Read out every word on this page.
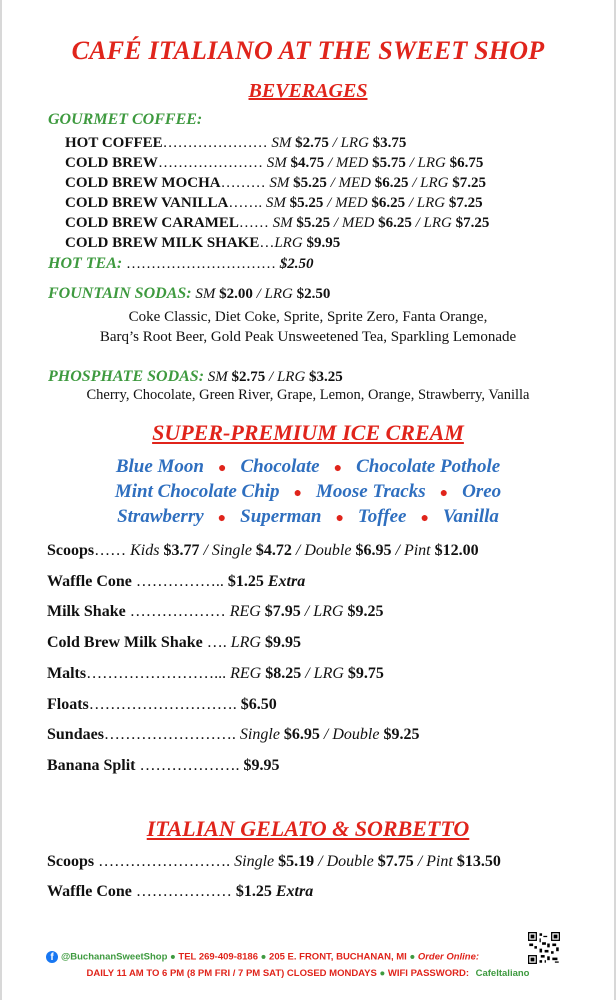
CAFÉ ITALIANO AT THE SWEET SHOP
BEVERAGES
GOURMET COFFEE:
HOT COFFEE………………… SM $2.75 / LRG $3.75
COLD BREW………………… SM $4.75 / MED $5.75 / LRG $6.75
COLD BREW MOCHA……… SM $5.25 / MED $6.25 / LRG $7.25
COLD BREW VANILLA……. SM $5.25 / MED $6.25 / LRG $7.25
COLD BREW CARAMEL…… SM $5.25 / MED $6.25 / LRG $7.25
COLD BREW MILK SHAKE…LRG $9.95
HOT TEA: ………………………… $2.50
FOUNTAIN SODAS: SM $2.00 / LRG $2.50
Coke Classic, Diet Coke, Sprite, Sprite Zero, Fanta Orange,
Barq’s Root Beer, Gold Peak Unsweetened Tea, Sparkling Lemonade
PHOSPHATE SODAS: SM $2.75 / LRG $3.25
Cherry, Chocolate, Green River, Grape, Lemon, Orange, Strawberry, Vanilla
SUPER-PREMIUM ICE CREAM
Blue Moon ● Chocolate ● Chocolate Pothole
Mint Chocolate Chip ● Moose Tracks ● Oreo
Strawberry ● Superman ● Toffee ● Vanilla
Scoops…… Kids $3.77 / Single $4.72 / Double $6.95 / Pint $12.00
Waffle Cone …………….. $1.25 Extra
Milk Shake ……………… REG $7.95 / LRG $9.25
Cold Brew Milk Shake …. LRG $9.95
Malts……………………... REG $8.25 / LRG $9.75
Floats………………………. $6.50
Sundaes……………………. Single $6.95 / Double $9.25
Banana Split ………………. $9.95
ITALIAN GELATO & SORBETTO
Scoops ……………………. Single $5.19 / Double $7.75 / Pint $13.50
Waffle Cone ……………… $1.25 Extra
f @BuchananSweetShop ● TEL 269-409-8186 ● 205 E. FRONT, BUCHANAN, MI ● Order Online:
DAILY 11 AM TO 6 PM (8 PM FRI / 7 PM SAT) CLOSED MONDAYS ● WIFI PASSWORD: CafeItaliano
